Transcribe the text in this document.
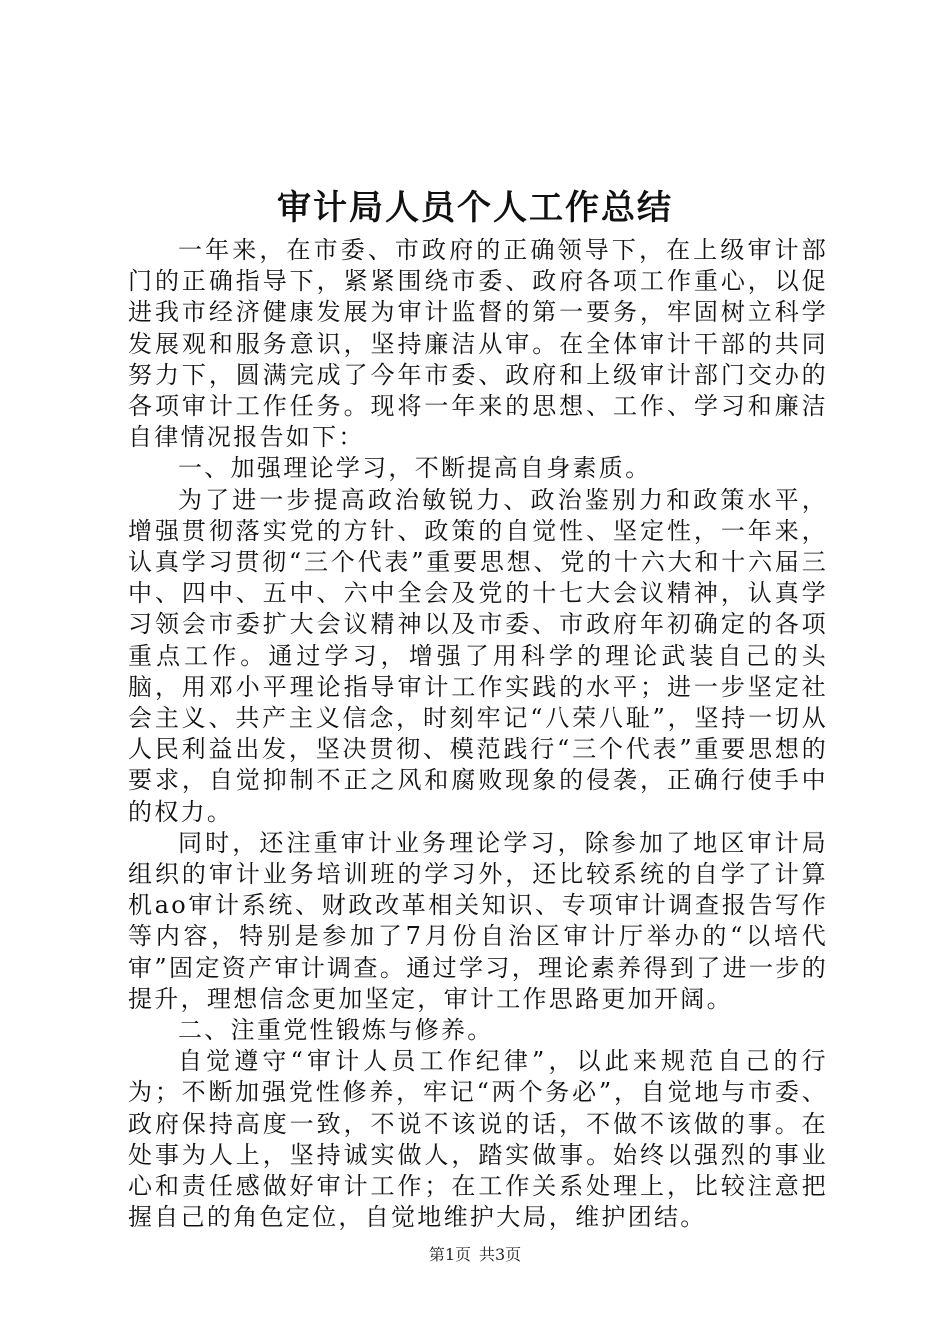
审计局人员个人工作总结

一年来，在市委、市政府的正确领导下，在上级审计部门的正确指导下，紧紧围绕市委、政府各项工作重心，以促进我市经济健康发展为审计监督的第一要务，牢固树立科学发展观和服务意识，坚持廉洁从审。在全体审计干部的共同努力下，圆满完成了今年市委、政府和上级审计部门交办的各项审计工作任务。现将一年来的思想、工作、学习和廉洁自律情况报告如下：

一、加强理论学习，不断提高自身素质。

为了进一步提高政治敏锐力、政治鉴别力和政策水平，增强贯彻落实党的方针、政策的自觉性、坚定性，一年来，认真学习贯彻“三个代表”重要思想、党的十六大和十六届三中、四中、五中、六中全会及党的十七大会议精神，认真学习领会市委扩大会议精神以及市委、市政府年初确定的各项重点工作。通过学习，增强了用科学的理论武装自己的头脑，用邓小平理论指导审计工作实践的水平；进一步坚定社会主义、共产主义信念，时刻牢记“八荣八耻”，坚持一切从人民利益出发，坚决贯彻、模范践行“三个代表”重要思想的要求，自觉抑制不正之风和腐败现象的侵袭，正确行使手中的权力。

同时，还注重审计业务理论学习，除参加了地区审计局组织的审计业务培训班的学习外，还比较系统的自学了计算机ao审计系统、财政改革相关知识、专项审计调查报告写作等内容，特别是参加了7月份自治区审计厅举办的“以培代审”固定资产审计调查。通过学习，理论素养得到了进一步的提升，理想信念更加坚定，审计工作思路更加开阔。

二、注重党性锻炼与修养。

自觉遵守“审计人员工作纪律”，以此来规范自己的行为；不断加强党性修养，牢记“两个务必”，自觉地与市委、政府保持高度一致，不说不该说的话，不做不该做的事。在处事为人上，坚持诚实做人，踏实做事。始终以强烈的事业心和责任感做好审计工作；在工作关系处理上，比较注意把握自己的角色定位，自觉地维护大局，维护团结。

第1页 共3页
